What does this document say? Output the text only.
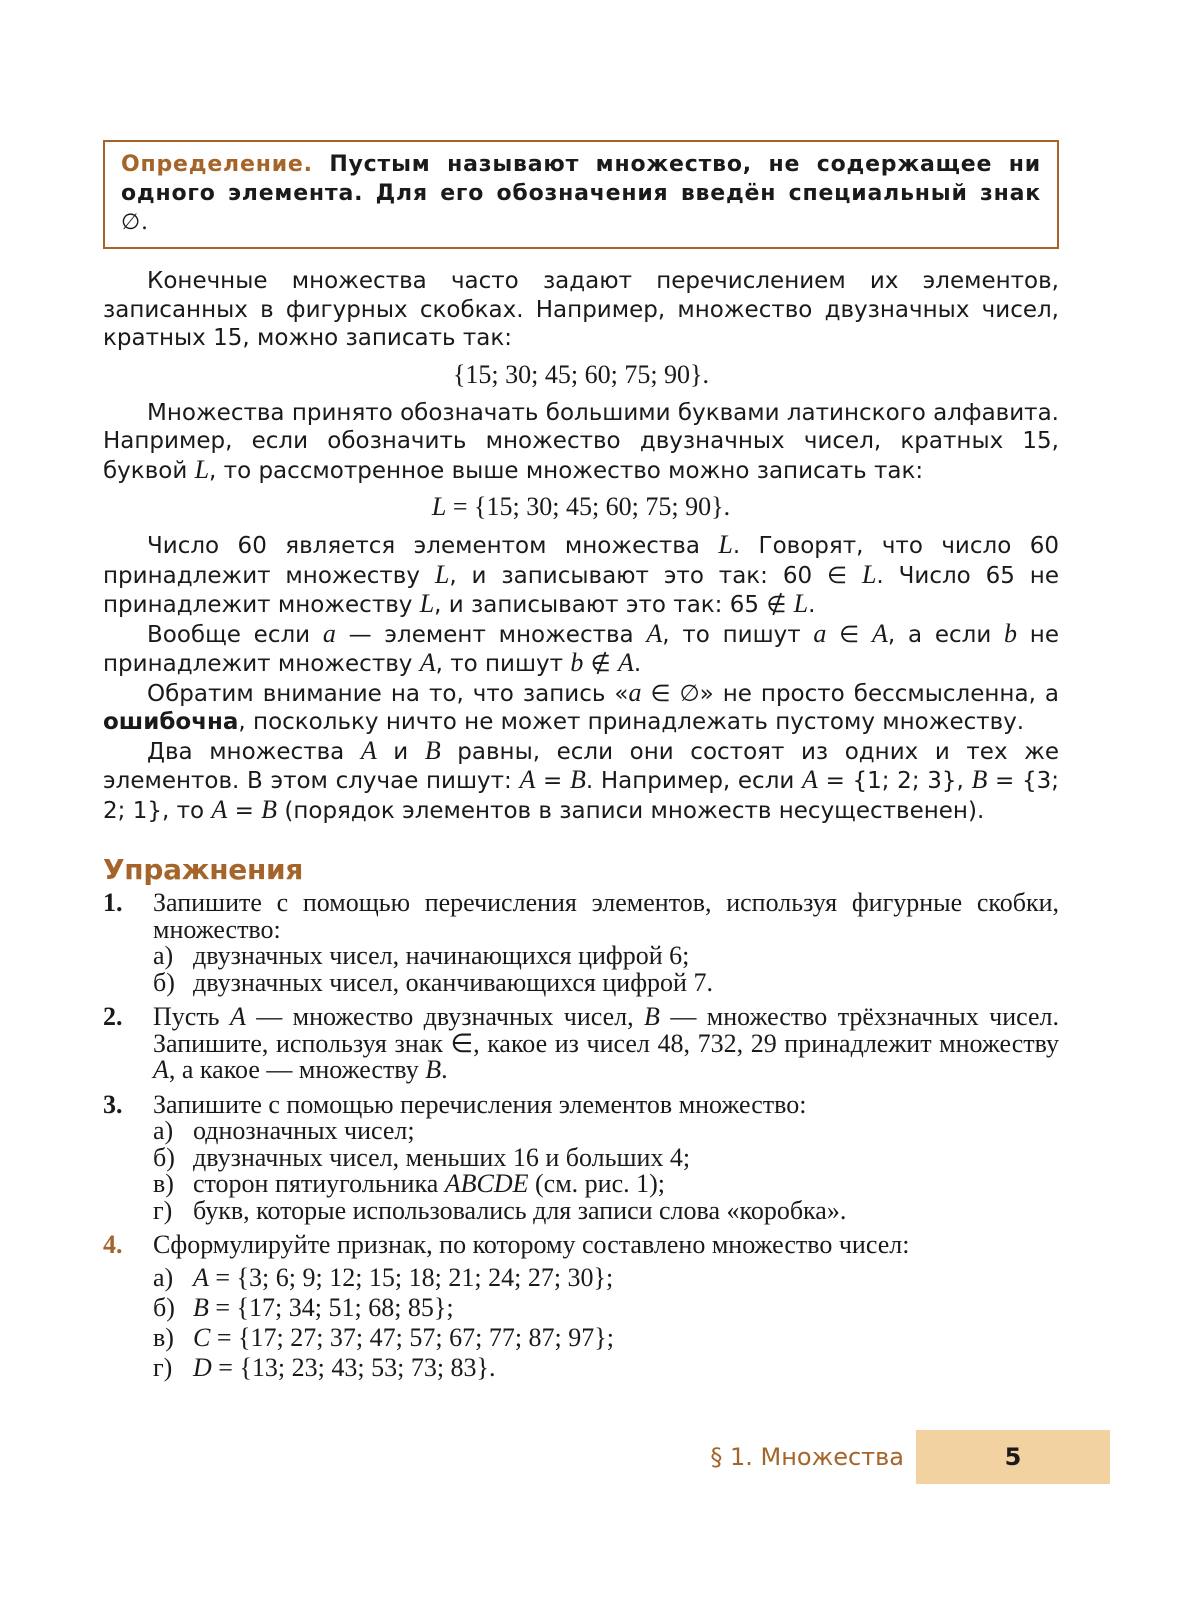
Определение. Пустым называют множество, не содержащее ни одного элемента. Для его обозначения введён специальный знак ∅.

Конечные множества часто задают перечислением их элементов, записанных в фигурных скобках. Например, множество двузначных чисел, кратных 15, можно записать так:

{15; 30; 45; 60; 75; 90}.

Множества принято обозначать большими буквами латинского алфавита. Например, если обозначить множество двузначных чисел, кратных 15, буквой L, то рассмотренное выше множество можно записать так:

L = {15; 30; 45; 60; 75; 90}.

Число 60 является элементом множества L. Говорят, что число 60 принадлежит множеству L, и записывают это так: 60 ∈ L. Число 65 не принадлежит множеству L, и записывают это так: 65 ∉ L.

Вообще если a — элемент множества A, то пишут a ∈ A, а если b не принадлежит множеству A, то пишут b ∉ A.

Обратим внимание на то, что запись «a ∈ ∅» не просто бессмысленна, а ошибочна, поскольку ничто не может принадлежать пустому множеству.

Два множества A и B равны, если они состоят из одних и тех же элементов. В этом случае пишут: A = B. Например, если A = {1; 2; 3}, B = {3; 2; 1}, то A = B (порядок элементов в записи множеств несущественен).

Упражнения
1. Запишите с помощью перечисления элементов, используя фигурные скобки, множество:
а) двузначных чисел, начинающихся цифрой 6;
б) двузначных чисел, оканчивающихся цифрой 7.
2. Пусть A — множество двузначных чисел, B — множество трёхзначных чисел. Запишите, используя знак ∈, какое из чисел 48, 732, 29 принадлежит множеству A, а какое — множеству B.
3. Запишите с помощью перечисления элементов множество:
а) однозначных чисел;
б) двузначных чисел, меньших 16 и больших 4;
в) сторон пятиугольника ABCDE (см. рис. 1);
г) букв, которые использовались для записи слова «коробка».
4. Сформулируйте признак, по которому составлено множество чисел:
а) A = {3; 6; 9; 12; 15; 18; 21; 24; 27; 30};
б) B = {17; 34; 51; 68; 85};
в) C = {17; 27; 37; 47; 57; 67; 77; 87; 97};
г) D = {13; 23; 43; 53; 73; 83}.
§ 1. Множества	5
